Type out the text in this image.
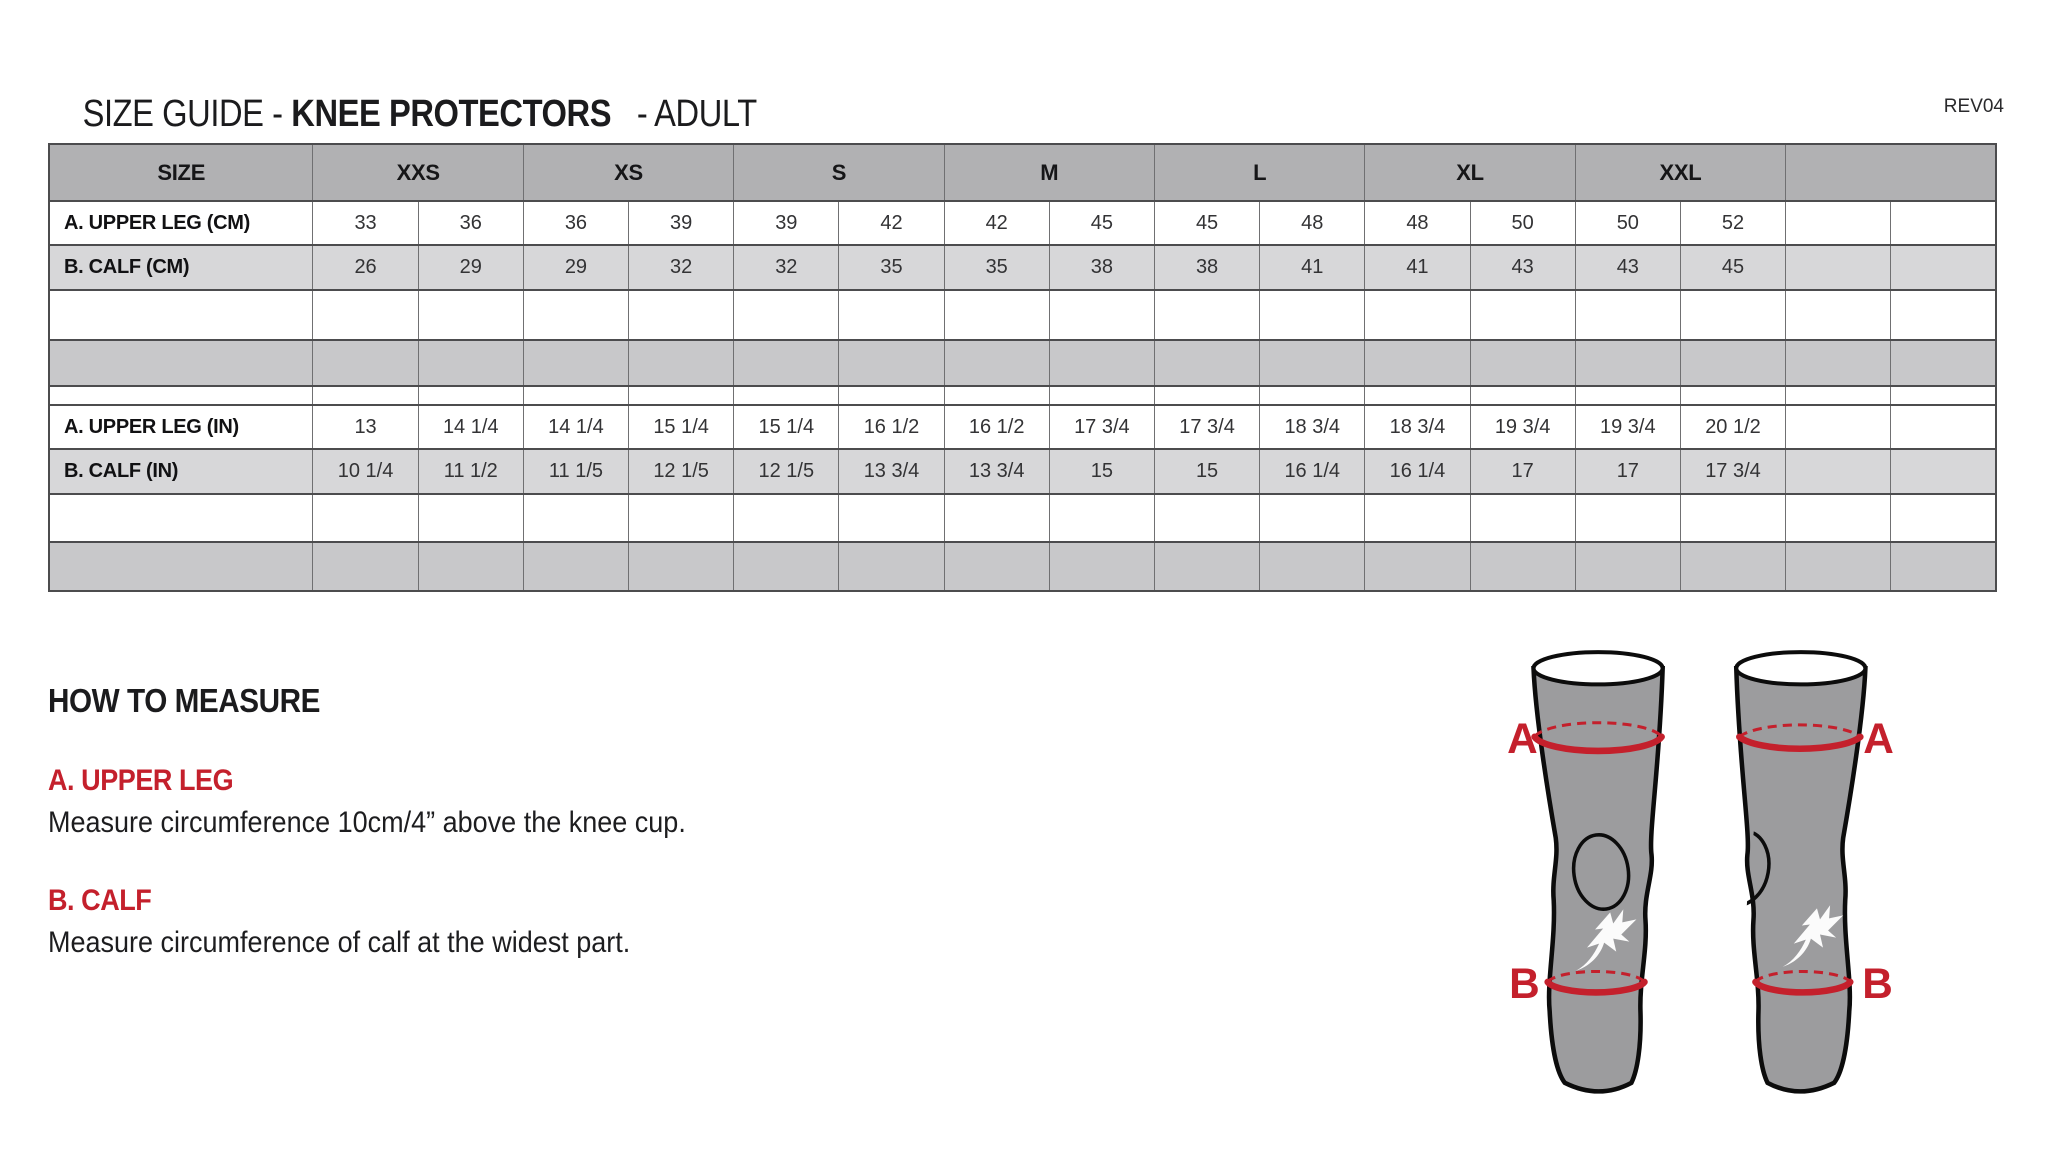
SIZE GUIDE - KNEE PROTECTORS - ADULT
	REV04
SIZE	XXS		XS		S		M		L		XL		XXL			
A. UPPER LEG (CM)	33	36	36	39	39	42	42	45	45	48	48	50	50	52		
B. CALF (CM)	26	29	29	32	32	35	35	38	38	41	41	43	43	45		

A. UPPER LEG (IN)	13	14 1/4	14 1/4	15 1/4	15 1/4	16 1/2	16 1/2	17 3/4	17 3/4	18 3/4	18 3/4	19 3/4	19 3/4	20 1/2		
B. CALF (IN)	10 1/4	11 1/2	11 1/5	12 1/5	12 1/5	13 3/4	13 3/4	15	15	16 1/4	16 1/4	17	17	17 3/4		

HOW TO MEASURE
A. UPPER LEG
Measure circumference 10cm/4” above the knee cup.
B. CALF
Measure circumference of calf at the widest part.
A
B
A
B
